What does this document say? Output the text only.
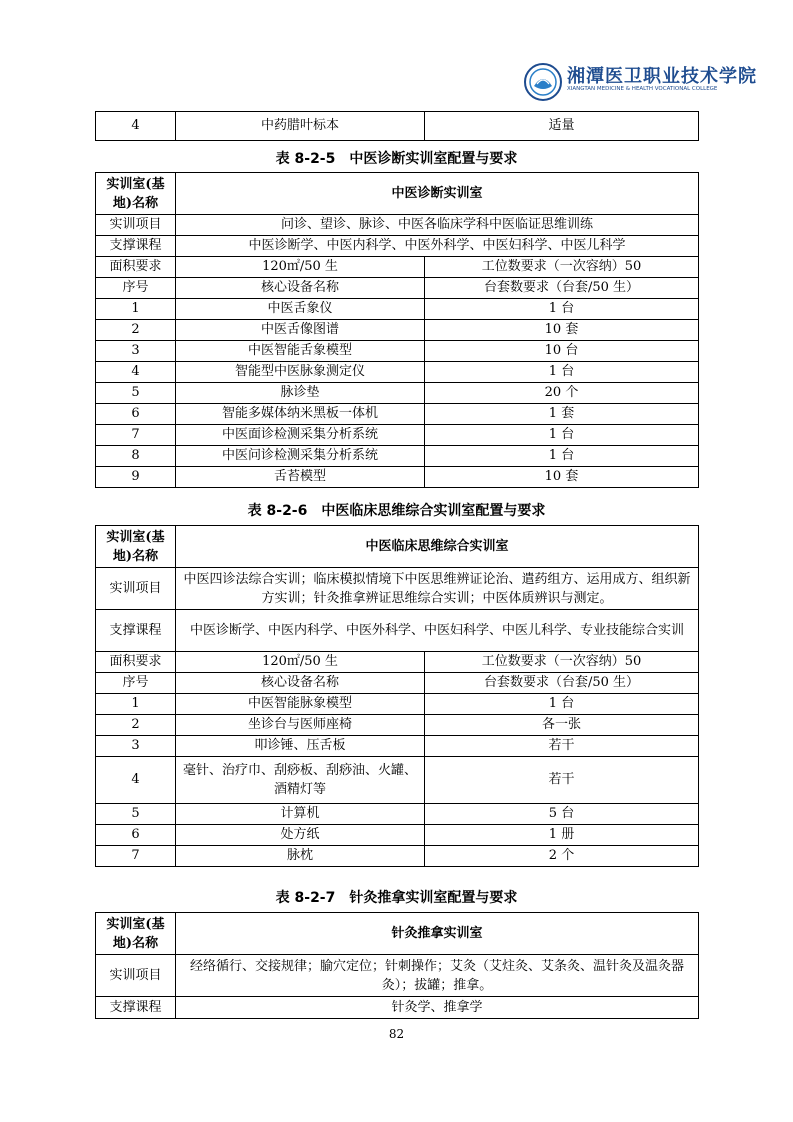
湘潭医卫职业技术学院
XIANGTAN MEDICINE & HEALTH VOCATIONAL COLLEGE
4	中药腊叶标本	适量
表 8-2-5　中医诊断实训室配置与要求
实训室(基地)名称	中医诊断实训室	
实训项目	问诊、望诊、脉诊、中医各临床学科中医临证思维训练	
支撑课程	中医诊断学、中医内科学、中医外科学、中医妇科学、中医儿科学	
面积要求	120㎡/50 生	工位数要求（一次容纳）50
序号	核心设备名称	台套数要求（台套/50 生）
1	中医舌象仪	1 台
2	中医舌像图谱	10 套
3	中医智能舌象模型	10 台
4	智能型中医脉象测定仪	1 台
5	脉诊垫	20 个
6	智能多媒体纳米黑板一体机	1 套
7	中医面诊检测采集分析系统	1 台
8	中医问诊检测采集分析系统	1 台
9	舌苔模型	10 套
表 8-2-6　中医临床思维综合实训室配置与要求
实训室(基地)名称	中医临床思维综合实训室	
实训项目	中医四诊法综合实训；临床模拟情境下中医思维辨证论治、遣药组方、运用成方、组织新方实训；针灸推拿辨证思维综合实训；中医体质辨识与测定。	
支撑课程	中医诊断学、中医内科学、中医外科学、中医妇科学、中医儿科学、专业技能综合实训	
面积要求	120㎡/50 生	工位数要求（一次容纳）50
序号	核心设备名称	台套数要求（台套/50 生）
1	中医智能脉象模型	1 台
2	坐诊台与医师座椅	各一张
3	叩诊锤、压舌板	若干
4	毫针、治疗巾、刮痧板、刮痧油、火罐、酒精灯等	若干
5	计算机	5 台
6	处方纸	1 册
7	脉枕	2 个
表 8-2-7　针灸推拿实训室配置与要求
实训室(基地)名称	针灸推拿实训室
实训项目	经络循行、交接规律；腧穴定位；针刺操作；艾灸（艾炷灸、艾条灸、温针灸及温灸器灸）；拔罐；推拿。
支撑课程	针灸学、推拿学
82
